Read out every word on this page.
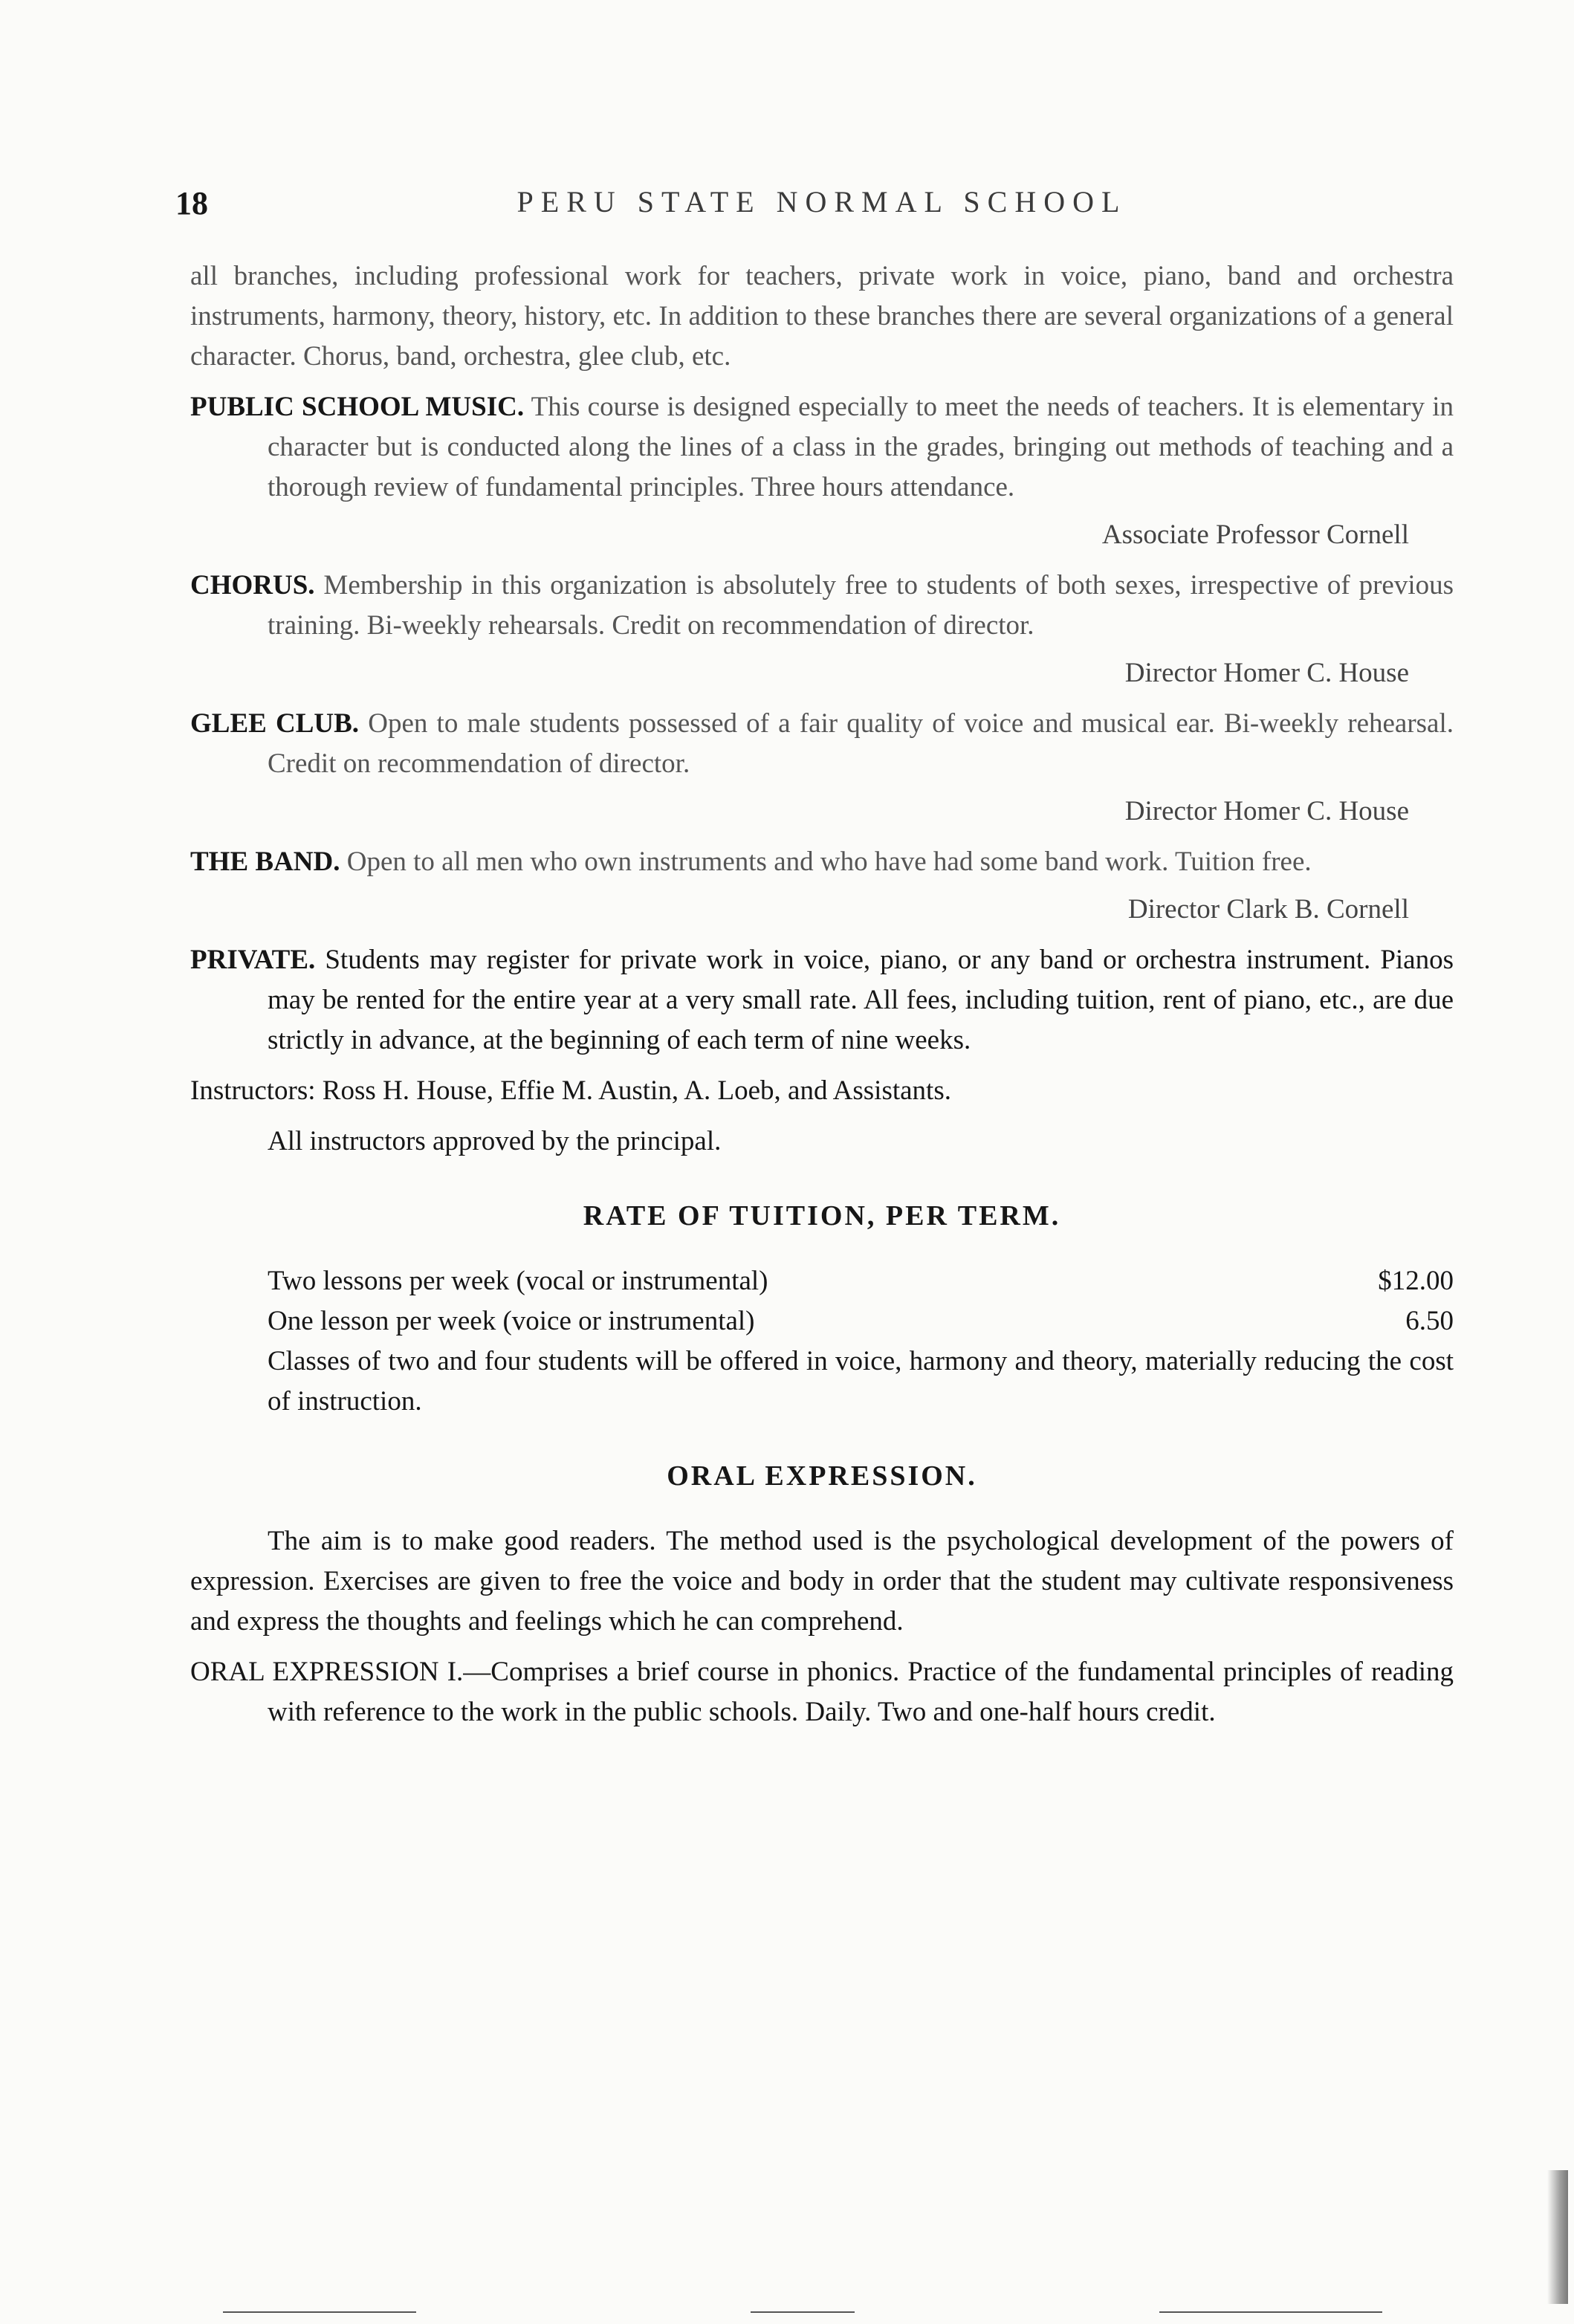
18	PERU STATE NORMAL SCHOOL

all branches, including professional work for teachers, private work in voice, piano, band and orchestra instruments, harmony, theory, history, etc. In addition to these branches there are several organizations of a general character. Chorus, band, orchestra, glee club, etc.

PUBLIC SCHOOL MUSIC. This course is designed especially to meet the needs of teachers. It is elementary in character but is conducted along the lines of a class in the grades, bringing out methods of teaching and a thorough review of fundamental principles. Three hours attendance.

Associate Professor Cornell

CHORUS. Membership in this organization is absolutely free to students of both sexes, irrespective of previous training. Bi-weekly rehearsals. Credit on recommendation of director.

Director Homer C. House

GLEE CLUB. Open to male students possessed of a fair quality of voice and musical ear. Bi-weekly rehearsal. Credit on recommendation of director.

Director Homer C. House

THE BAND. Open to all men who own instruments and who have had some band work. Tuition free.

Director Clark B. Cornell

PRIVATE. Students may register for private work in voice, piano, or any band or orchestra instrument. Pianos may be rented for the entire year at a very small rate. All fees, including tuition, rent of piano, etc., are due strictly in advance, at the beginning of each term of nine weeks.

Instructors: Ross H. House, Effie M. Austin, A. Loeb, and Assistants.

All instructors approved by the principal.

RATE OF TUITION, PER TERM.
Two lessons per week (vocal or instrumental)	$12.00
One lesson per week (voice or instrumental)	6.50

Classes of two and four students will be offered in voice, harmony and theory, materially reducing the cost of instruction.

ORAL EXPRESSION.

The aim is to make good readers. The method used is the psychological development of the powers of expression. Exercises are given to free the voice and body in order that the student may cultivate responsiveness and express the thoughts and feelings which he can comprehend.

ORAL EXPRESSION I.—Comprises a brief course in phonics. Practice of the fundamental principles of reading with reference to the work in the public schools. Daily. Two and one-half hours credit.
